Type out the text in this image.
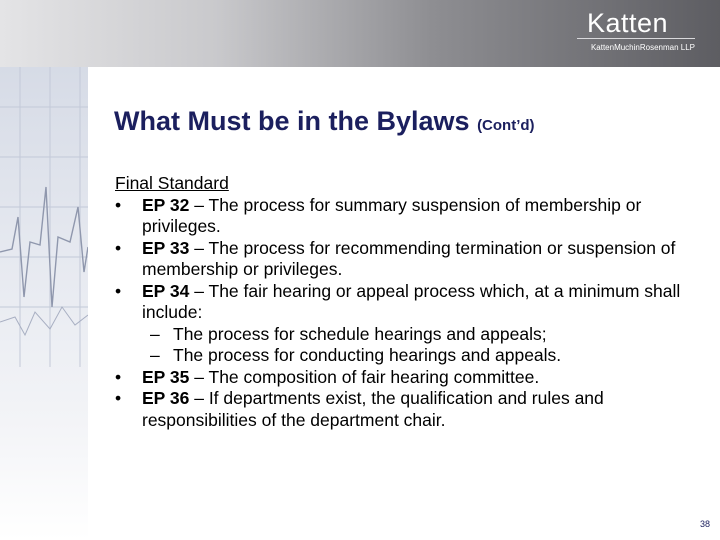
Katten
KattenMuchinRosenman LLP
What Must be in the Bylaws (Cont’d)
Final Standard
• EP 32 – The process for summary suspension of membership or privileges.
• EP 33 – The process for recommending termination or suspension of membership or privileges.
• EP 34 – The fair hearing or appeal process which, at a minimum shall include:
– The process for schedule hearings and appeals;
– The process for conducting hearings and appeals.
• EP 35 – The composition of fair hearing committee.
• EP 36 – If departments exist, the qualification and rules and responsibilities of the department chair.
38
